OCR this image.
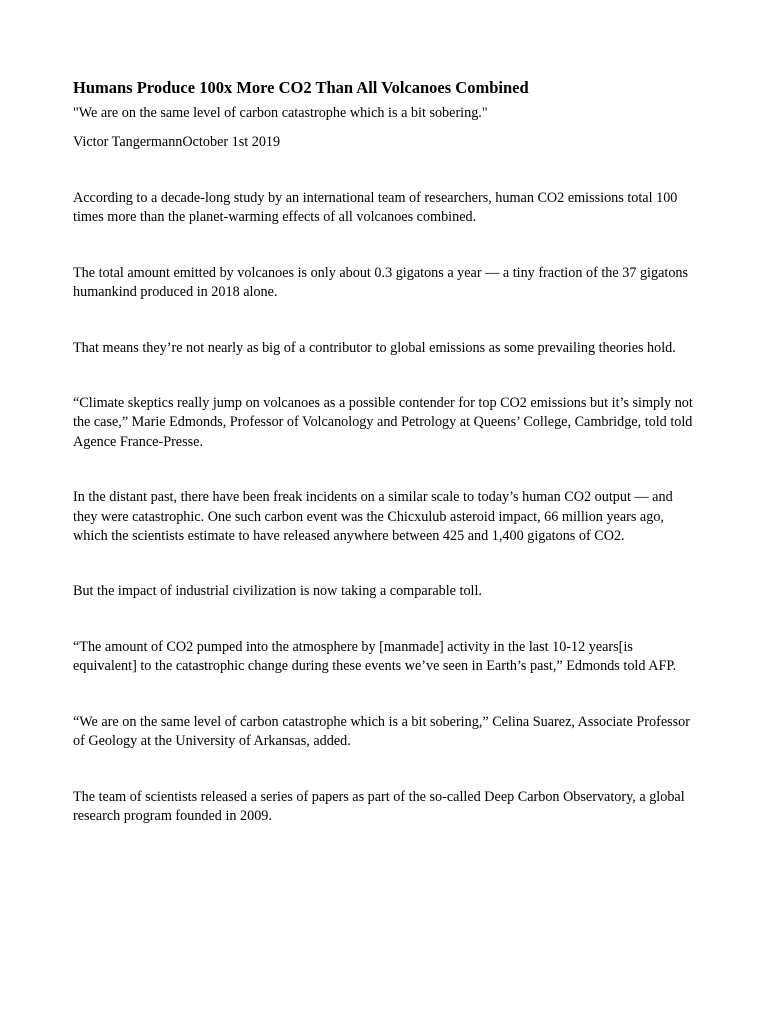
Humans Produce 100x More CO2 Than All Volcanoes Combined

"We are on the same level of carbon catastrophe which is a bit sobering."

Victor TangermannOctober 1st 2019

According to a decade-long study by an international team of researchers, human CO2 emissions total 100 times more than the planet-warming effects of all volcanoes combined.

The total amount emitted by volcanoes is only about 0.3 gigatons a year — a tiny fraction of the 37 gigatons humankind produced in 2018 alone.

That means they’re not nearly as big of a contributor to global emissions as some prevailing theories hold.

“Climate skeptics really jump on volcanoes as a possible contender for top CO2 emissions but it’s simply not the case,” Marie Edmonds, Professor of Volcanology and Petrology at Queens’ College, Cambridge, told told Agence France-Presse.

In the distant past, there have been freak incidents on a similar scale to today’s human CO2 output — and they were catastrophic. One such carbon event was the Chicxulub asteroid impact, 66 million years ago, which the scientists estimate to have released anywhere between 425 and 1,400 gigatons of CO2.

But the impact of industrial civilization is now taking a comparable toll.

“The amount of CO2 pumped into the atmosphere by [manmade] activity in the last 10-12 years[is equivalent] to the catastrophic change during these events we’ve seen in Earth’s past,” Edmonds told AFP.

“We are on the same level of carbon catastrophe which is a bit sobering,” Celina Suarez, Associate Professor of Geology at the University of Arkansas, added.

The team of scientists released a series of papers as part of the so-called Deep Carbon Observatory, a global research program founded in 2009.
